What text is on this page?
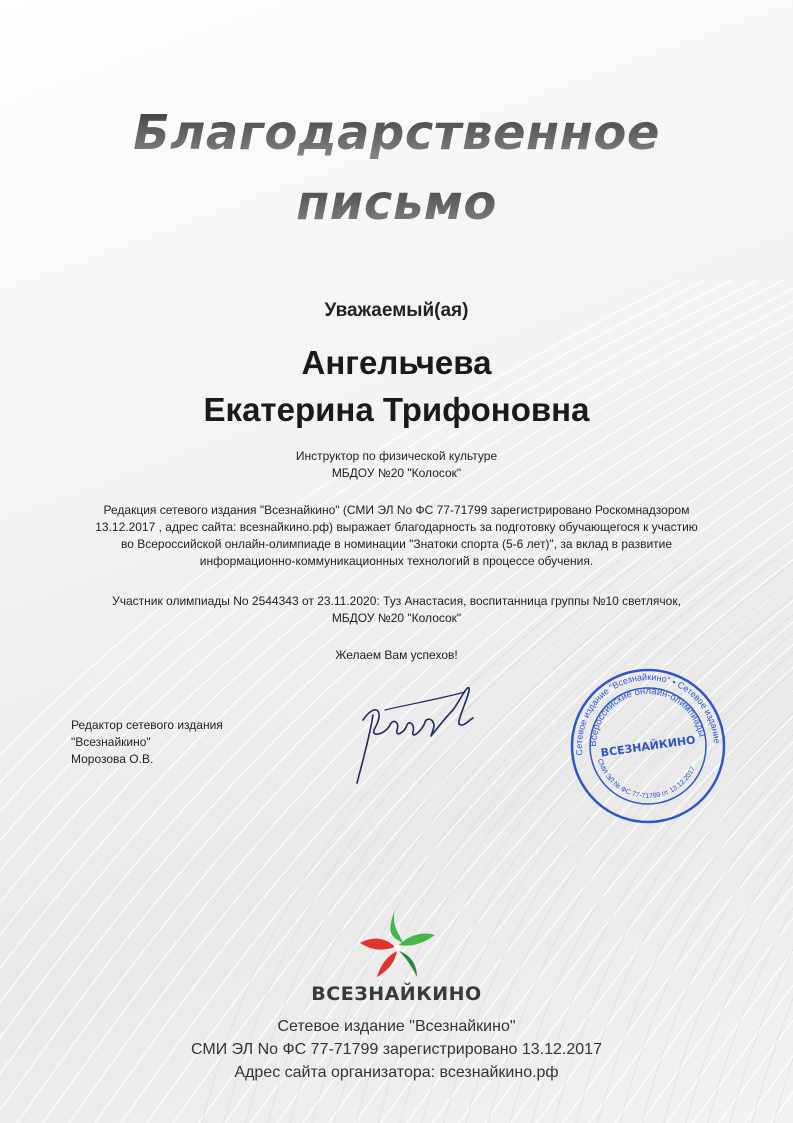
Благодарственное
письмо
Уважаемый(ая)
Ангельчева
Екатерина Трифоновна
Инструктор по физической культуре
МБДОУ №20 "Колосок"
Редакция сетевого издания "Всезнайкино" (СМИ ЭЛ No ФС 77-71799 зарегистрировано Роскомнадзором
13.12.2017 , адрес сайта: всезнайкино.рф) выражает благодарность за подготовку обучающегося к участию
во Всероссийской онлайн-олимпиаде в номинации "Знатоки спорта (5-6 лет)", за вклад в развитие
информационно-коммуникационных технологий в процессе обучения.
Участник олимпиады No 2544343 от 23.11.2020: Туз Анастасия, воспитанница группы №10 светлячок,
МБДОУ №20 "Колосок"
Желаем Вам успехов!
Редактор сетевого издания
"Всезнайкино"
Морозова О.В.	Сетевое издание "Всезнайкино" • Сетевое издание
Всероссийские онлайн-олимпиады
СМИ ЭЛ № ФС 77-71799 от 13.12.2017
ВСЕЗНАЙКИНО
ВСЕЗНАЙКИНО
Сетевое издание "Всезнайкино"
СМИ ЭЛ No ФС 77-71799 зарегистрировано 13.12.2017
Адрес сайта организатора: всезнайкино.рф
